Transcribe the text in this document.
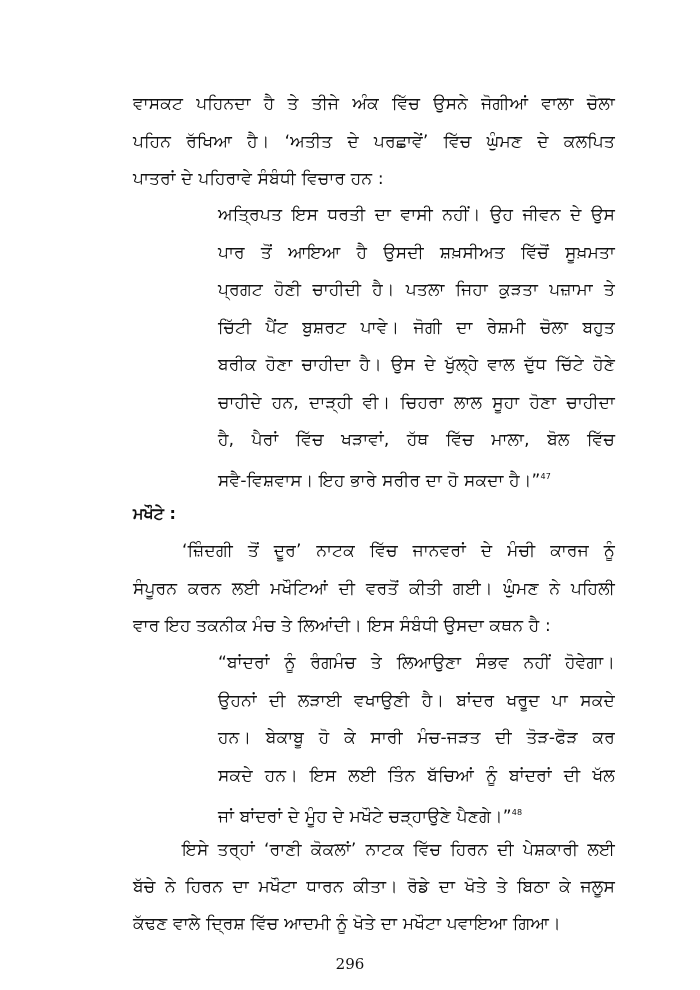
ਵਾਸਕਟ ਪਹਿਨਦਾ ਹੈ ਤੇ ਤੀਜੇ ਅੰਕ ਵਿੱਚ ਉਸਨੇ ਜੋਗੀਆਂ ਵਾਲਾ ਚੋਲਾ
ਪਹਿਨ ਰੱਖਿਆ ਹੈ। ‘ਅਤੀਤ ਦੇ ਪਰਛਾਵੇਂ’ ਵਿੱਚ ਘੁੰਮਣ ਦੇ ਕਲਪਿਤ
ਪਾਤਰਾਂ ਦੇ ਪਹਿਰਾਵੇ ਸੰਬੰਧੀ ਵਿਚਾਰ ਹਨ :
ਅਤ੍ਰਿਪਤ ਇਸ ਧਰਤੀ ਦਾ ਵਾਸੀ ਨਹੀਂ। ਉਹ ਜੀਵਨ ਦੇ ਉਸ
ਪਾਰ ਤੋਂ ਆਇਆ ਹੈ ਉਸਦੀ ਸ਼ਖ਼ਸੀਅਤ ਵਿੱਚੋਂ ਸੂਖ਼ਮਤਾ
ਪ੍ਰਗਟ ਹੋਣੀ ਚਾਹੀਦੀ ਹੈ। ਪਤਲਾ ਜਿਹਾ ਕੁੜਤਾ ਪਜ਼ਾਮਾ ਤੇ
ਚਿੱਟੀ ਪੈਂਟ ਬੁਸ਼ਰਟ ਪਾਵੇ। ਜੋਗੀ ਦਾ ਰੇਸ਼ਮੀ ਚੋਲਾ ਬਹੁਤ
ਬਰੀਕ ਹੋਣਾ ਚਾਹੀਦਾ ਹੈ। ਉਸ ਦੇ ਖੁੱਲ੍ਹੇ ਵਾਲ ਦੁੱਧ ਚਿੱਟੇ ਹੋਣੇ
ਚਾਹੀਦੇ ਹਨ, ਦਾੜ੍ਹੀ ਵੀ। ਚਿਹਰਾ ਲਾਲ ਸੂਹਾ ਹੋਣਾ ਚਾਹੀਦਾ
ਹੈ, ਪੈਰਾਂ ਵਿੱਚ ਖੜਾਵਾਂ, ਹੱਥ ਵਿੱਚ ਮਾਲਾ, ਬੋਲ ਵਿੱਚ
ਸਵੈ-ਵਿਸ਼ਵਾਸ। ਇਹ ਭਾਰੇ ਸਰੀਰ ਦਾ ਹੋ ਸਕਦਾ ਹੈ।”$^{47}$
ਮਖੌਟੇ :
‘ਜ਼ਿੰਦਗੀ ਤੋਂ ਦੂਰ’ ਨਾਟਕ ਵਿੱਚ ਜਾਨਵਰਾਂ ਦੇ ਮੰਚੀ ਕਾਰਜ ਨੂੰ
ਸੰਪੂਰਨ ਕਰਨ ਲਈ ਮਖੌਟਿਆਂ ਦੀ ਵਰਤੋਂ ਕੀਤੀ ਗਈ। ਘੁੰਮਣ ਨੇ ਪਹਿਲੀ
ਵਾਰ ਇਹ ਤਕਨੀਕ ਮੰਚ ਤੇ ਲਿਆਂਦੀ। ਇਸ ਸੰਬੰਧੀ ਉਸਦਾ ਕਥਨ ਹੈ :
“ਬਾਂਦਰਾਂ ਨੂੰ ਰੰਗਮੰਚ ਤੇ ਲਿਆਉਣਾ ਸੰਭਵ ਨਹੀਂ ਹੋਵੇਗਾ।
ਉਹਨਾਂ ਦੀ ਲੜਾਈ ਵਖਾਉਣੀ ਹੈ। ਬਾਂਦਰ ਖਰੂਦ ਪਾ ਸਕਦੇ
ਹਨ। ਬੇਕਾਬੂ ਹੋ ਕੇ ਸਾਰੀ ਮੰਚ-ਜੜਤ ਦੀ ਤੋੜ-ਫੋੜ ਕਰ
ਸਕਦੇ ਹਨ। ਇਸ ਲਈ ਤਿੰਨ ਬੱਚਿਆਂ ਨੂੰ ਬਾਂਦਰਾਂ ਦੀ ਖੱਲ
ਜਾਂ ਬਾਂਦਰਾਂ ਦੇ ਮੂੰਹ ਦੇ ਮਖੌਟੇ ਚੜ੍ਹਾਉਣੇ ਪੈਣਗੇ।”$^{48}$
ਇਸੇ ਤਰ੍ਹਾਂ ‘ਰਾਣੀ ਕੋਕਲਾਂ’ ਨਾਟਕ ਵਿੱਚ ਹਿਰਨ ਦੀ ਪੇਸ਼ਕਾਰੀ ਲਈ
ਬੱਚੇ ਨੇ ਹਿਰਨ ਦਾ ਮਖੌਟਾ ਧਾਰਨ ਕੀਤਾ। ਰੋਡੇ ਦਾ ਖੋਤੇ ਤੇ ਬਿਠਾ ਕੇ ਜਲੂਸ
ਕੱਢਣ ਵਾਲੇ ਦ੍ਰਿਸ਼ ਵਿੱਚ ਆਦਮੀ ਨੂੰ ਖੋਤੇ ਦਾ ਮਖੌਟਾ ਪਵਾਇਆ ਗਿਆ।
296
